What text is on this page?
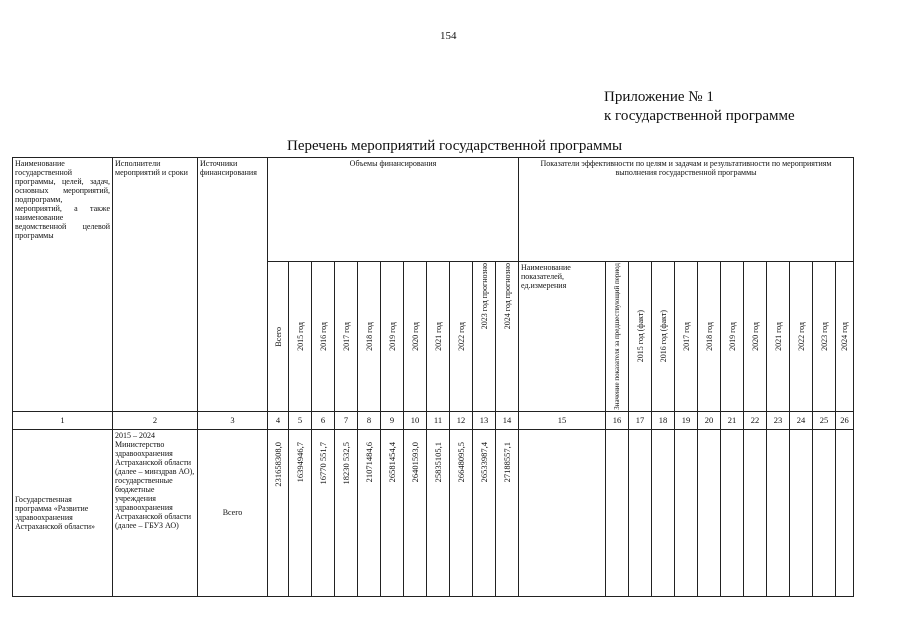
154
Приложение № 1
к государственной программе
Перечень мероприятий государственной программы
Наименование государственной программы, целей, задач, основных мероприятий, подпрограмм, мероприятий, а также наименование ведомственной целевой программы	Исполнители мероприятий и сроки	Источники финансирования	Объемы финансирования											Показатели эффективности по целям и задачам и результативности по мероприятиям выполнения государственной программы											

			Всего	2015 год	2016 год	2017 год	2018 год	2019 год	2020 год	2021 год	2022 год	2023 год прогнозно	2024 год прогнозно	Наименование показателей, ед.измерения	Значение показателя за предшествующий период	2015 год (факт)	2016 год (факт)	2017 год	2018 год	2019 год	2020 год	2021 год	2022 год	2023 год	2024 год

1	2	3	4	5	6	7	8	9	10	11	12	13	14	15	16	17	18	19	20	21	22	23	24	25	26
Государственная программа «Развитие здравоохранения Астраханской области»	2015 – 2024 Министерство здравоохранения Астраханской области (далее – минздрав АО), государственные бюджетные учреждения здравоохранения Астраханской области (далее – ГБУЗ АО)	Всего	231658308,0	16394946,7	16770 551,7	18230 532,5	21071484,6	26581454,4	26401593,0	25835105,1	26648095,5	26533987,4	27188557,1												
